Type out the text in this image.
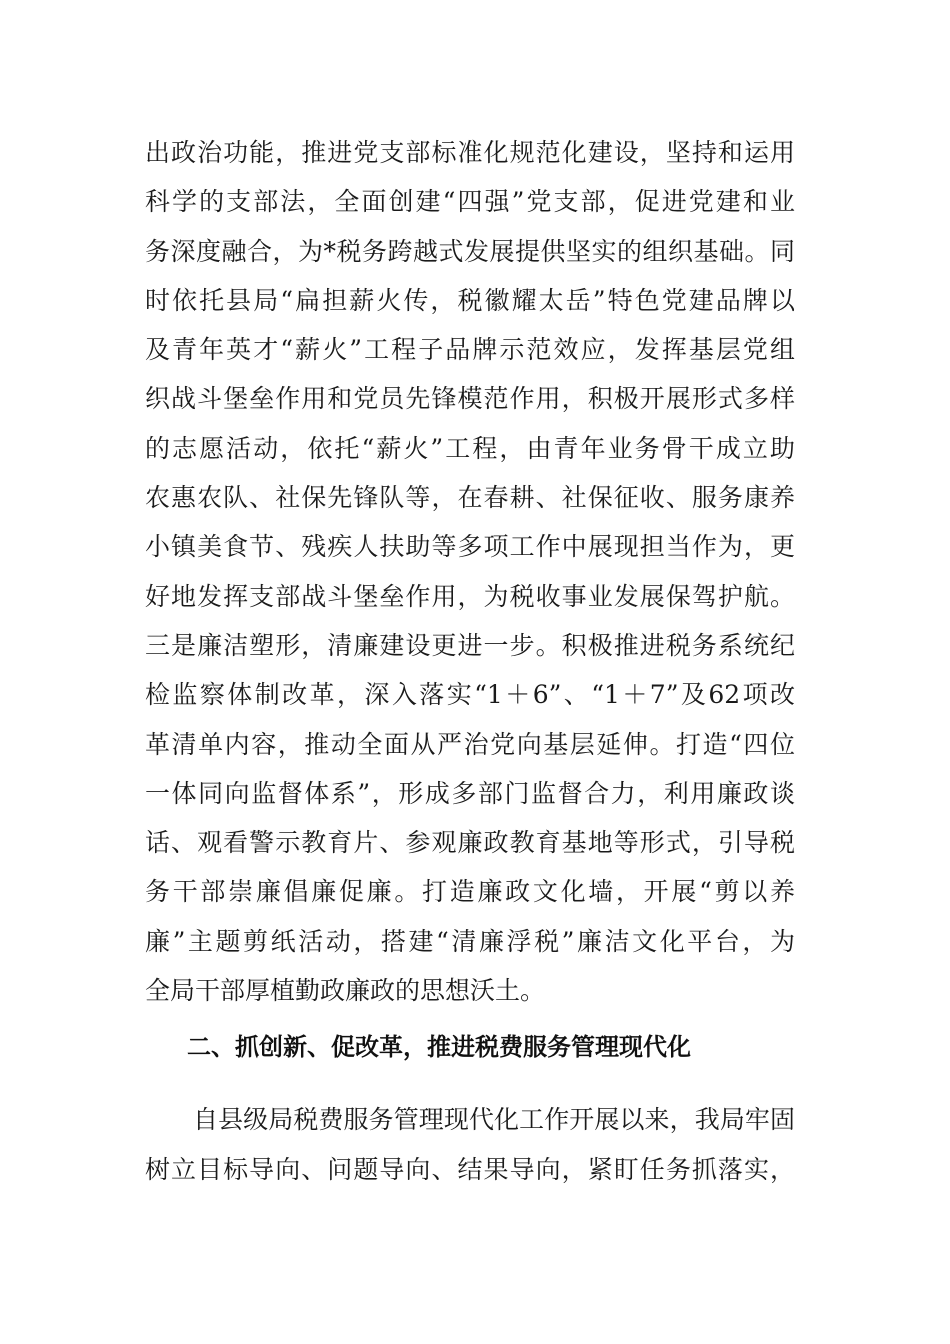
出政治功能，推进党支部标准化规范化建设，坚持和运用
科学的支部法，全面创建“四强”党支部，促进党建和业
务深度融合，为*税务跨越式发展提供坚实的组织基础。同
时依托县局“扁担薪火传，税徽耀太岳”特色党建品牌以
及青年英才“薪火”工程子品牌示范效应，发挥基层党组
织战斗堡垒作用和党员先锋模范作用，积极开展形式多样
的志愿活动，依托“薪火”工程，由青年业务骨干成立助
农惠农队、社保先锋队等，在春耕、社保征收、服务康养
小镇美食节、残疾人扶助等多项工作中展现担当作为，更
好地发挥支部战斗堡垒作用，为税收事业发展保驾护航。
三是廉洁塑形，清廉建设更进一步。积极推进税务系统纪
检监察体制改革，深入落实“1＋6”、“1＋7”及62项改
革清单内容，推动全面从严治党向基层延伸。打造“四位
一体同向监督体系”，形成多部门监督合力，利用廉政谈
话、观看警示教育片、参观廉政教育基地等形式，引导税
务干部崇廉倡廉促廉。打造廉政文化墙，开展“剪以养
廉”主题剪纸活动，搭建“清廉浮税”廉洁文化平台，为
全局干部厚植勤政廉政的思想沃土。
二、抓创新、促改革，推进税费服务管理现代化
自县级局税费服务管理现代化工作开展以来，我局牢固
树立目标导向、问题导向、结果导向，紧盯任务抓落实，
